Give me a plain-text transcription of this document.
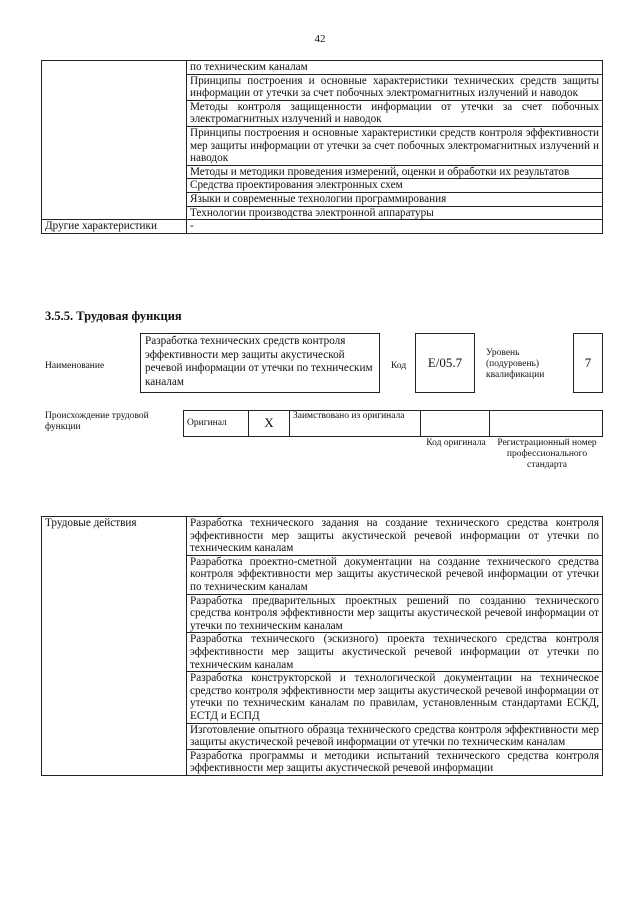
42
	по техническим каналам
	Принципы построения и основные характеристики технических средств защиты информации от утечки за счет побочных электромагнитных излучений и наводок
	Методы контроля защищенности информации от утечки за счет побочных электромагнитных излучений и наводок
	Принципы построения и основные характеристики средств контроля эффективности мер защиты информации от утечки за счет побочных электромагнитных излучений и наводок
	Методы и методики проведения измерений, оценки и обработки их результатов
	Средства проектирования электронных схем
	Языки и современные технологии программирования
	Технологии производства электронной аппаратуры
Другие характеристики	-
3.5.5. Трудовая функция
Наименование
Разработка технических средств контроля эффективности мер защиты акустической речевой информации от утечки по техническим каналам
Код	E/05.7
Уровень (подуровень) квалификации
7
Происхождение трудовой функции	Оригинал	X	Заимствовано из оригинала		
Код оригинала	Регистрационный номер профессионального стандарта
Трудовые действия	Разработка технического задания на создание технического средства контроля эффективности мер защиты акустической речевой информации от утечки по техническим каналам
Разработка проектно-сметной документации на создание технического средства контроля эффективности мер защиты акустической речевой информации от утечки по техническим каналам
Разработка предварительных проектных решений по созданию технического средства контроля эффективности мер защиты акустической речевой информации от утечки по техническим каналам
Разработка технического (эскизного) проекта технического средства контроля эффективности мер защиты акустической речевой информации от утечки по техническим каналам
Разработка конструкторской и технологической документации на техническое средство контроля эффективности мер защиты акустической речевой информации от утечки по техническим каналам по правилам, установленным стандартами ЕСКД, ЕСТД и ЕСПД
Изготовление опытного образца технического средства контроля эффективности мер защиты акустической речевой информации от утечки по техническим каналам
Разработка программы и методики испытаний технического средства контроля эффективности мер защиты акустической речевой информации
